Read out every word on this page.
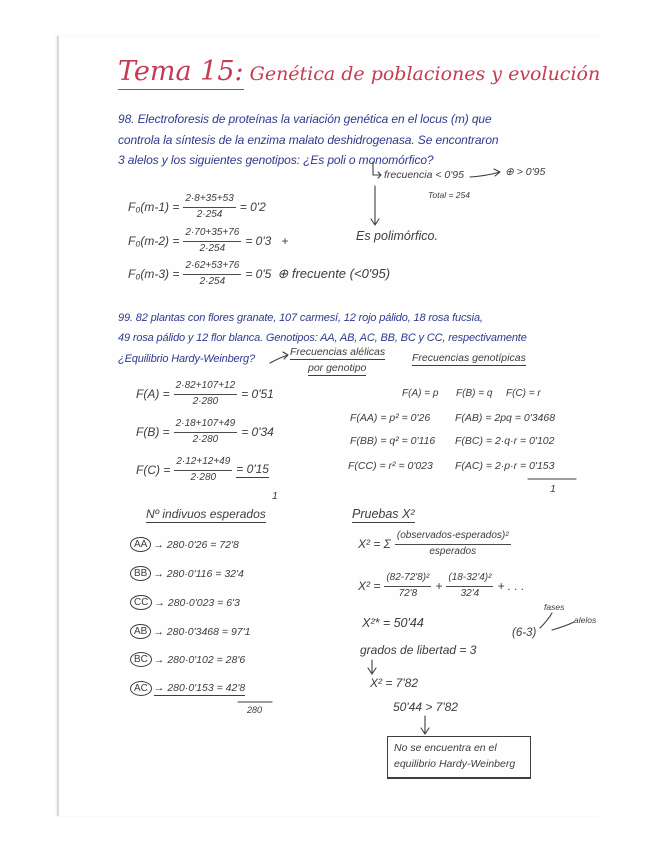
Tema 15: Genética de poblaciones y evolución
98. Electroforesis de proteínas la variación genética en el locus (m) que
controla la síntesis de la enzima malato deshidrogenasa. Se encontraron
3 alelos y los siguientes genotipos: ¿Es poli o monomórfico?
frecuencia < 0'95	⊕ > 0'95
Total = 254
Es polimórfico.
$F_0(m-1) = \frac{2\cdot 8+35+53}{2\cdot 254} = 0'2$
$F_0(m-2) = \frac{2\cdot 70+35+76}{2\cdot 254} = 0'3$ +
$F_0(m-3) = \frac{2\cdot 62+53+76}{2\cdot 254} = 0'5$ ⊕ frecuente (<0'95)
99. 82 plantas con flores granate, 107 carmesí, 12 rojo pálido, 18 rosa fucsia,
49 rosa pálido y 12 flor blanca. Genotipos: AA, AB, AC, BB, BC y CC, respectivamente
¿Equilibrio Hardy-Weinberg?
Frecuencias alélicas
por genotipo
Frecuencias genotípicas
$F(A) = \frac{2\cdot 82+107+12}{2\cdot 280} = 0'51$
$F(B) = \frac{2\cdot 18+107+49}{2\cdot 280} = 0'34$
$F(C) = \frac{2\cdot 12+12+49}{2\cdot 280} = 0'15$
1
F(A) = p F(B) = q F(C) = r
F(AA) = p² = 0'26 F(AB) = 2pq = 0'3468
F(BB) = q² = 0'116 F(BC) = 2·q·r = 0'102
F(CC) = r² = 0'023 F(AC) = 2·p·r = 0'153
1
Nº indivuos esperados
AA → 280·0'26 = 72'8
BB → 280·0'116 = 32'4
CC → 280·0'023 = 6'3
AB → 280·0'3468 = 97'1
BC → 280·0'102 = 28'6
AC → 280·0'153 = 42'8
280
Pruebas X²
X² = Σ $\frac{\text{(observados-esperados)²}}{\text{esperados}}$
$X^2 = \frac{\text{(82-72'8)²}}{72'8} + \frac{\text{(18-32'4)²}}{32'4}$ + . . .
X²* = 50'44
fases
alelos
(6-3)
grados de libertad = 3
X² = 7'82
50'44 > 7'82
No se encuentra en el
equilibrio Hardy-Weinberg
